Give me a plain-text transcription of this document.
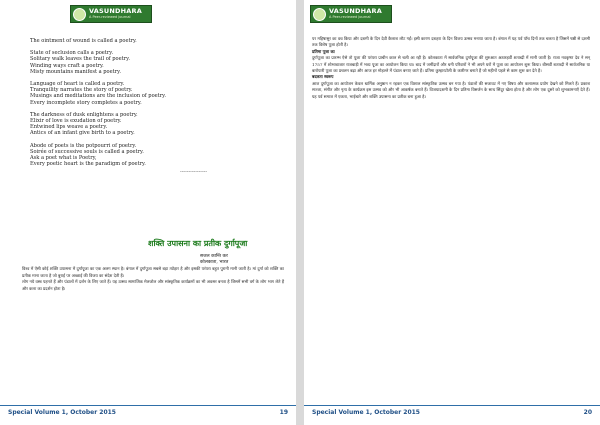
VASUNDHARA
A Peer-reviewed Journal
The ointment of wound is called a poetry.
State of seclusion calls a poetry.
Solitary walk leaves the trail of poetry.
Winding ways craft a poetry.
Misty mountains manifest a poetry.
Language of heart is called a poetry.
Tranquility narrates the story of poetry.
Musings and meditations are the inclusion of poetry.
Every incomplete story completes a poetry.
The darkness of dusk enlightens a poetry.
Elixir of love is exudation of poetry.
Entwined lips weave a poetry.
Antics of an infant give birth to a poetry.
Abode of poets is the potpourri of poetry.
Soirée of successive souls is called a poetry.
Ask a poet what is Poetry,
Every poetic heart is the paradigm of poetry.
----------------
शक्ति उपासना का प्रतीक दुर्गापूजा
सजल कान्ति कर
कोलकाता, भारत
विश्व में ऐसी कोई शक्ति उपासना में दुर्गापूजा का एक अलग स्थान है। बंगाल में दुर्गापूजा सबसे बड़ा त्योहार है और इसकी परंपरा बहुत पुरानी मानी जाती है। मां दुर्गा को शक्ति का प्रतीक माना जाता है जो बुराई पर अच्छाई की विजय का संदेश देती हैं।
लोग नये वस्त्र पहनते हैं और पंडालों में दर्शन के लिए जाते हैं। यह उत्सव सामाजिक मेलजोल और सांस्कृतिक कार्यक्रमों का भी अवसर बनता है जिसमें सभी वर्ग के लोग भाग लेते हैं और कला का प्रदर्शन होता है।
Special Volume 1, October 2015	19
VASUNDHARA
A Peer-reviewed Journal
पर महिषासुर का वध किया और दशमी के दिन देवी कैलाश लौट गईं। इसी कारण दशहरा के दिन विजय उत्सव मनाया जाता है। बंगाल में यह पर्व पाँच दिनों तक चलता है जिसमें षष्ठी से दशमी तक विशेष पूजा होती है।
प्रतिमा पूजा का
दुर्गापूजा का प्रारम्भ ऐसे तो पूजा की परंपरा प्राचीन काल से चली आ रही है। कोलकाता में सार्वजनिक दुर्गापूजा की शुरुआत अठारहवीं शताब्दी में मानी जाती है। राजा नवकृष्ण देव ने सन् 1757 में शोभाबाजार राजबाड़ी में भव्य पूजा का आयोजन किया था। बाद में जमींदारों और धनी परिवारों ने भी अपने घरों में पूजा का आयोजन शुरू किया। बीसवीं शताब्दी में सार्वजनिक या बारोयारी पूजा का प्रचलन बढ़ा और आज हर मोहल्ले में पंडाल बनाए जाते हैं। प्रतिमा कुम्हारटोली के कारीगर बनाते हैं जो महीनों पहले से काम शुरू कर देते हैं।
बदलता स्वरूप
आज दुर्गापूजा का आयोजन केवल धार्मिक अनुष्ठान न रहकर एक विशाल सांस्कृतिक उत्सव बन गया है। पंडालों की सजावट में नए विषय और कलात्मक प्रयोग देखने को मिलते हैं। प्रकाश सज्जा, संगीत और नृत्य के कार्यक्रम इस उत्सव को और भी आकर्षक बनाते हैं। विजयादशमी के दिन प्रतिमा विसर्जन के साथ सिंदूर खेला होता है और लोग एक दूसरे को शुभकामनाएँ देते हैं। यह पर्व समाज में एकता, भाईचारे और शक्ति उपासना का प्रतीक बना हुआ है।
Special Volume 1, October 2015	20
